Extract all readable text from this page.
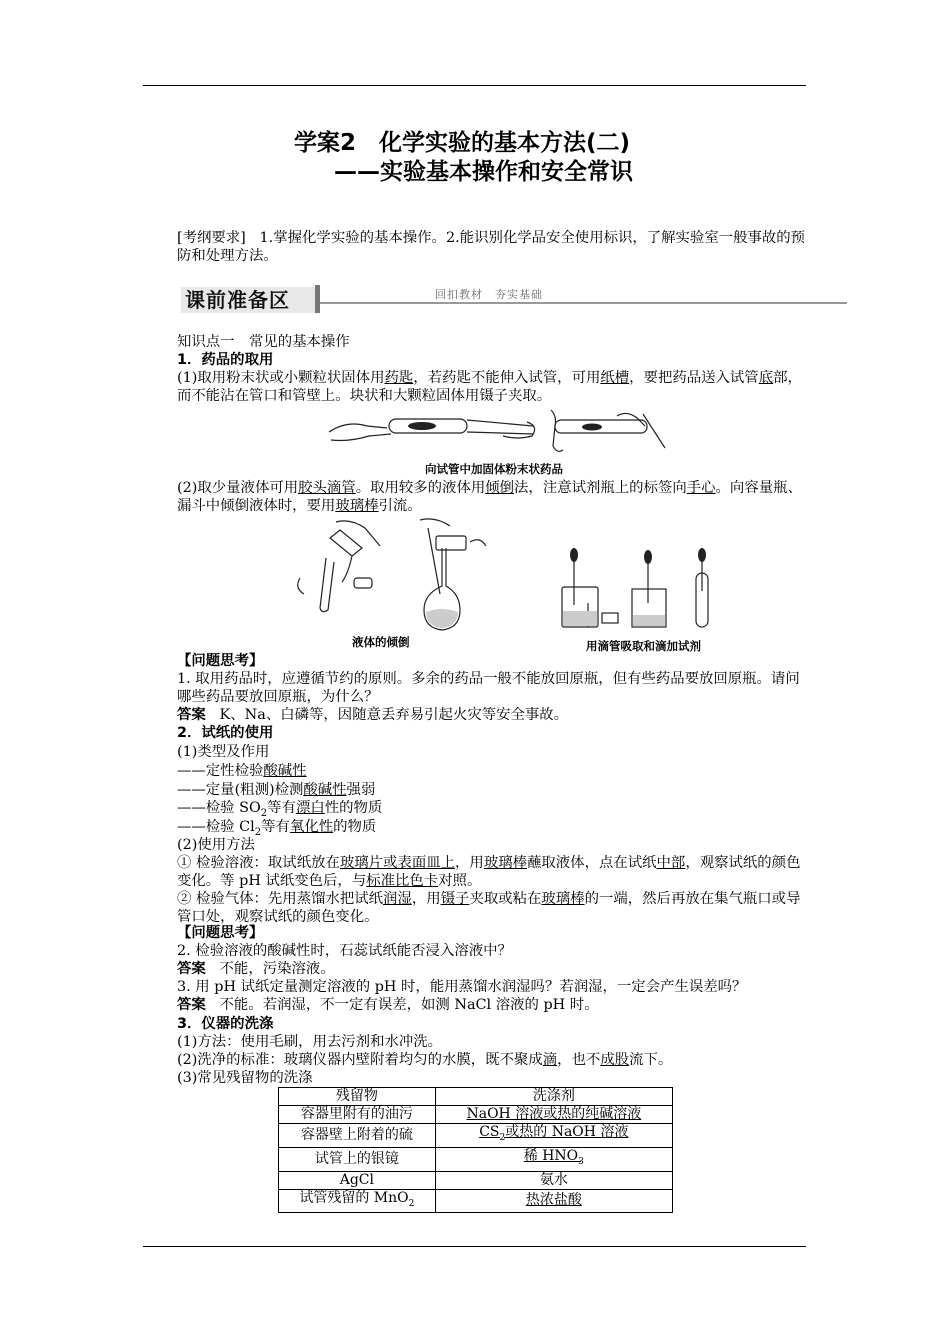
学案2　化学实验的基本方法(二)
——实验基本操作和安全常识
[考纲要求] 1.掌握化学实验的基本操作。2.能识别化学品安全使用标识，了解实验室一般事故的预防和处理方法。
课前准备区	回扣教材　夯实基础
知识点一　常见的基本操作
1．药品的取用
(1)取用粉末状或小颗粒状固体用药匙，若药匙不能伸入试管，可用纸槽，要把药品送入试管底部，而不能沾在管口和管壁上。块状和大颗粒固体用镊子夹取。
向试管中加固体粉末状药品
(2)取少量液体可用胶头滴管。取用较多的液体用倾倒法，注意试剂瓶上的标签向手心。向容量瓶、漏斗中倾倒液体时，要用玻璃棒引流。
液体的倾倒	用滴管吸取和滴加试剂
【问题思考】
1. 取用药品时，应遵循节约的原则。多余的药品一般不能放回原瓶，但有些药品要放回原瓶。请问哪些药品要放回原瓶，为什么？
答案 K、Na、白磷等，因随意丢弃易引起火灾等安全事故。
2．试纸的使用
(1)类型及作用
——定性检验酸碱性
——定量(粗测)检测酸碱性强弱
——检验 $SO_2$等有漂白性的物质
——检验 $Cl_2$等有氧化性的物质
(2)使用方法
① 检验溶液：取试纸放在玻璃片或表面皿上，用玻璃棒蘸取液体，点在试纸中部，观察试纸的颜色变化。等 pH 试纸变色后，与标准比色卡对照。
② 检验气体：先用蒸馏水把试纸润湿，用镊子夹取或粘在玻璃棒的一端，然后再放在集气瓶口或导管口处，观察试纸的颜色变化。
【问题思考】
2. 检验溶液的酸碱性时，石蕊试纸能否浸入溶液中？
答案 不能，污染溶液。
3. 用 pH 试纸定量测定溶液的 pH 时，能用蒸馏水润湿吗？若润湿，一定会产生误差吗？
答案 不能。若润湿，不一定有误差，如测 NaCl 溶液的 pH 时。
3．仪器的洗涤
(1)方法：使用毛刷，用去污剂和水冲洗。
(2)洗净的标准：玻璃仪器内壁附着均匀的水膜，既不聚成滴，也不成股流下。
(3)常见残留物的洗涤
残留物	洗涤剂
容器里附有的油污	NaOH 溶液或热的纯碱溶液
容器壁上附着的硫	$CS_2$或热的 NaOH 溶液
试管上的银镜	稀 $HNO_3$
AgCl	氨水
试管残留的 MnO$_2$	热浓盐酸
